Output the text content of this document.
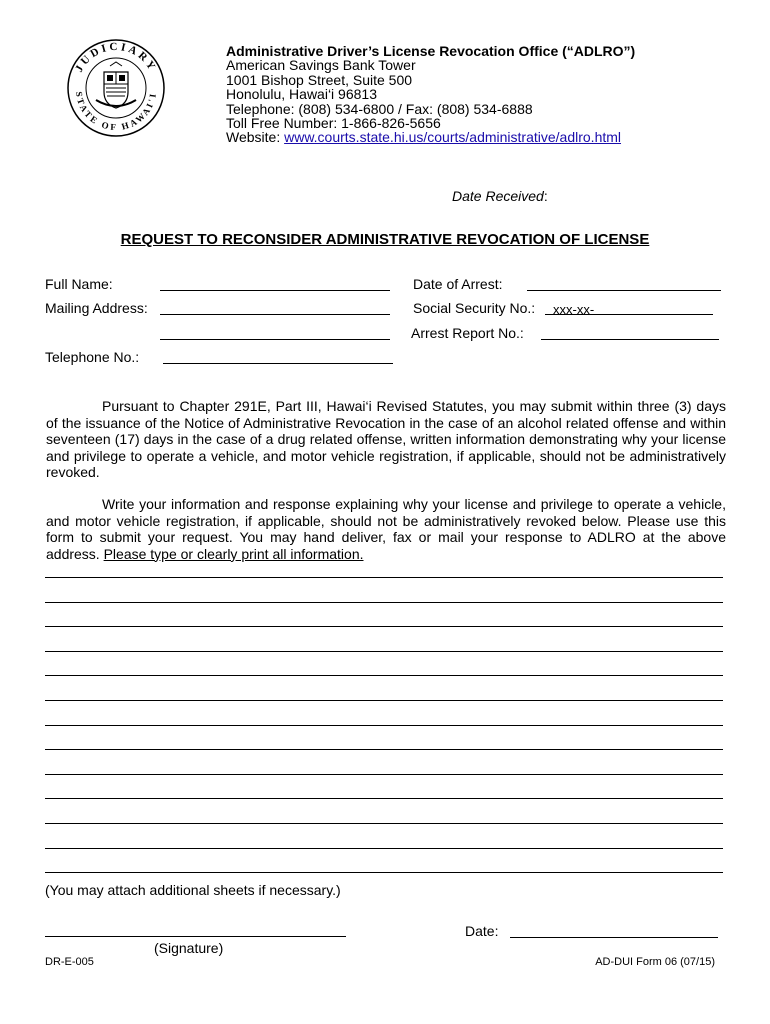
JUDICIARY
STATE OF HAWAI'I
Administrative Driver’s License Revocation Office (“ADLRO”)
American Savings Bank Tower
1001 Bishop Street, Suite 500
Honolulu, Hawai‘i 96813
Telephone: (808) 534-6800 / Fax: (808) 534-6888
Toll Free Number: 1-866-826-5656
Website: www.courts.state.hi.us/courts/administrative/adlro.html
Date Received:
REQUEST TO RECONSIDER ADMINISTRATIVE REVOCATION OF LICENSE
Full Name:
Mailing Address:
Telephone No.:
Date of Arrest:
Social Security No.: xxx-xx-
Arrest Report No.:

Pursuant to Chapter 291E, Part III, Hawai‘i Revised Statutes, you may submit within three (3) days of the issuance of the Notice of Administrative Revocation in the case of an alcohol related offense and within seventeen (17) days in the case of a drug related offense, written information demonstrating why your license and privilege to operate a vehicle, and motor vehicle registration, if applicable, should not be administratively revoked.

Write your information and response explaining why your license and privilege to operate a vehicle, and motor vehicle registration, if applicable, should not be administratively revoked below. Please use this form to submit your request. You may hand deliver, fax or mail your response to ADLRO at the above address. Please type or clearly print all information.

(You may attach additional sheets if necessary.)
(Signature)
Date:
DR-E-005	AD-DUI Form 06 (07/15)
